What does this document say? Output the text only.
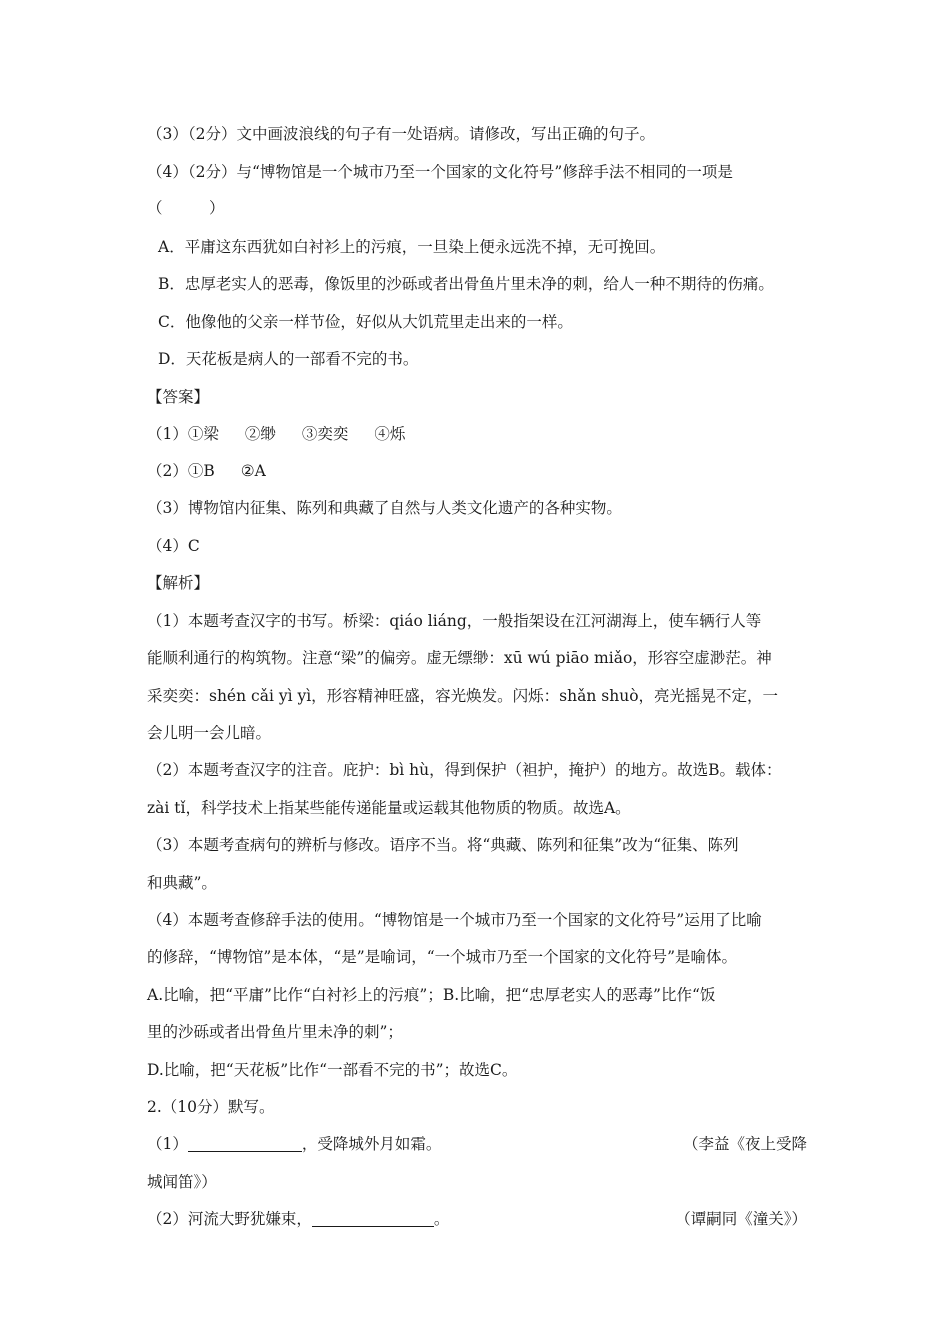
（3）（2分）文中画波浪线的句子有一处语病。请修改，写出正确的句子。
（4）（2分）与“博物馆是一个城市乃至一个国家的文化符号”修辞手法不相同的一项是
（　　　）
A．平庸这东西犹如白衬衫上的污痕，一旦染上便永远洗不掉，无可挽回。
B．忠厚老实人的恶毒，像饭里的沙砾或者出骨鱼片里未净的刺，给人一种不期待的伤痛。
C．他像他的父亲一样节俭，好似从大饥荒里走出来的一样。
D．天花板是病人的一部看不完的书。
【答案】
（1）①梁 ②缈 ③奕奕 ④烁
（2）①B ②A
（3）博物馆内征集、陈列和典藏了自然与人类文化遗产的各种实物。
（4）C
【解析】
（1）本题考查汉字的书写。桥梁：qiáo liáng，一般指架设在江河湖海上，使车辆行人等
能顺利通行的构筑物。注意“梁”的偏旁。虚无缥缈：xū wú piāo miǎo，形容空虚渺茫。神
采奕奕：shén cǎi yì yì，形容精神旺盛，容光焕发。闪烁：shǎn shuò，亮光摇晃不定，一
会儿明一会儿暗。
（2）本题考查汉字的注音。庇护：bì hù，得到保护（袒护，掩护）的地方。故选B。载体：
zài tǐ，科学技术上指某些能传递能量或运载其他物质的物质。故选A。
（3）本题考查病句的辨析与修改。语序不当。将“典藏、陈列和征集”改为“征集、陈列
和典藏”。
（4）本题考查修辞手法的使用。“博物馆是一个城市乃至一个国家的文化符号”运用了比喻
的修辞，“博物馆”是本体，“是”是喻词，“一个城市乃至一个国家的文化符号”是喻体。
A.比喻，把“平庸”比作“白衬衫上的污痕”；B.比喻，把“忠厚老实人的恶毒”比作“饭
里的沙砾或者出骨鱼片里未净的刺”；
D.比喻，把“天花板”比作“一部看不完的书”；故选C。
2.（10分）默写。
（1）	，受降城外月如霜。	（李益《夜上受降
城闻笛》）
（2）河流大野犹嫌束，	。	（谭嗣同《潼关》）
